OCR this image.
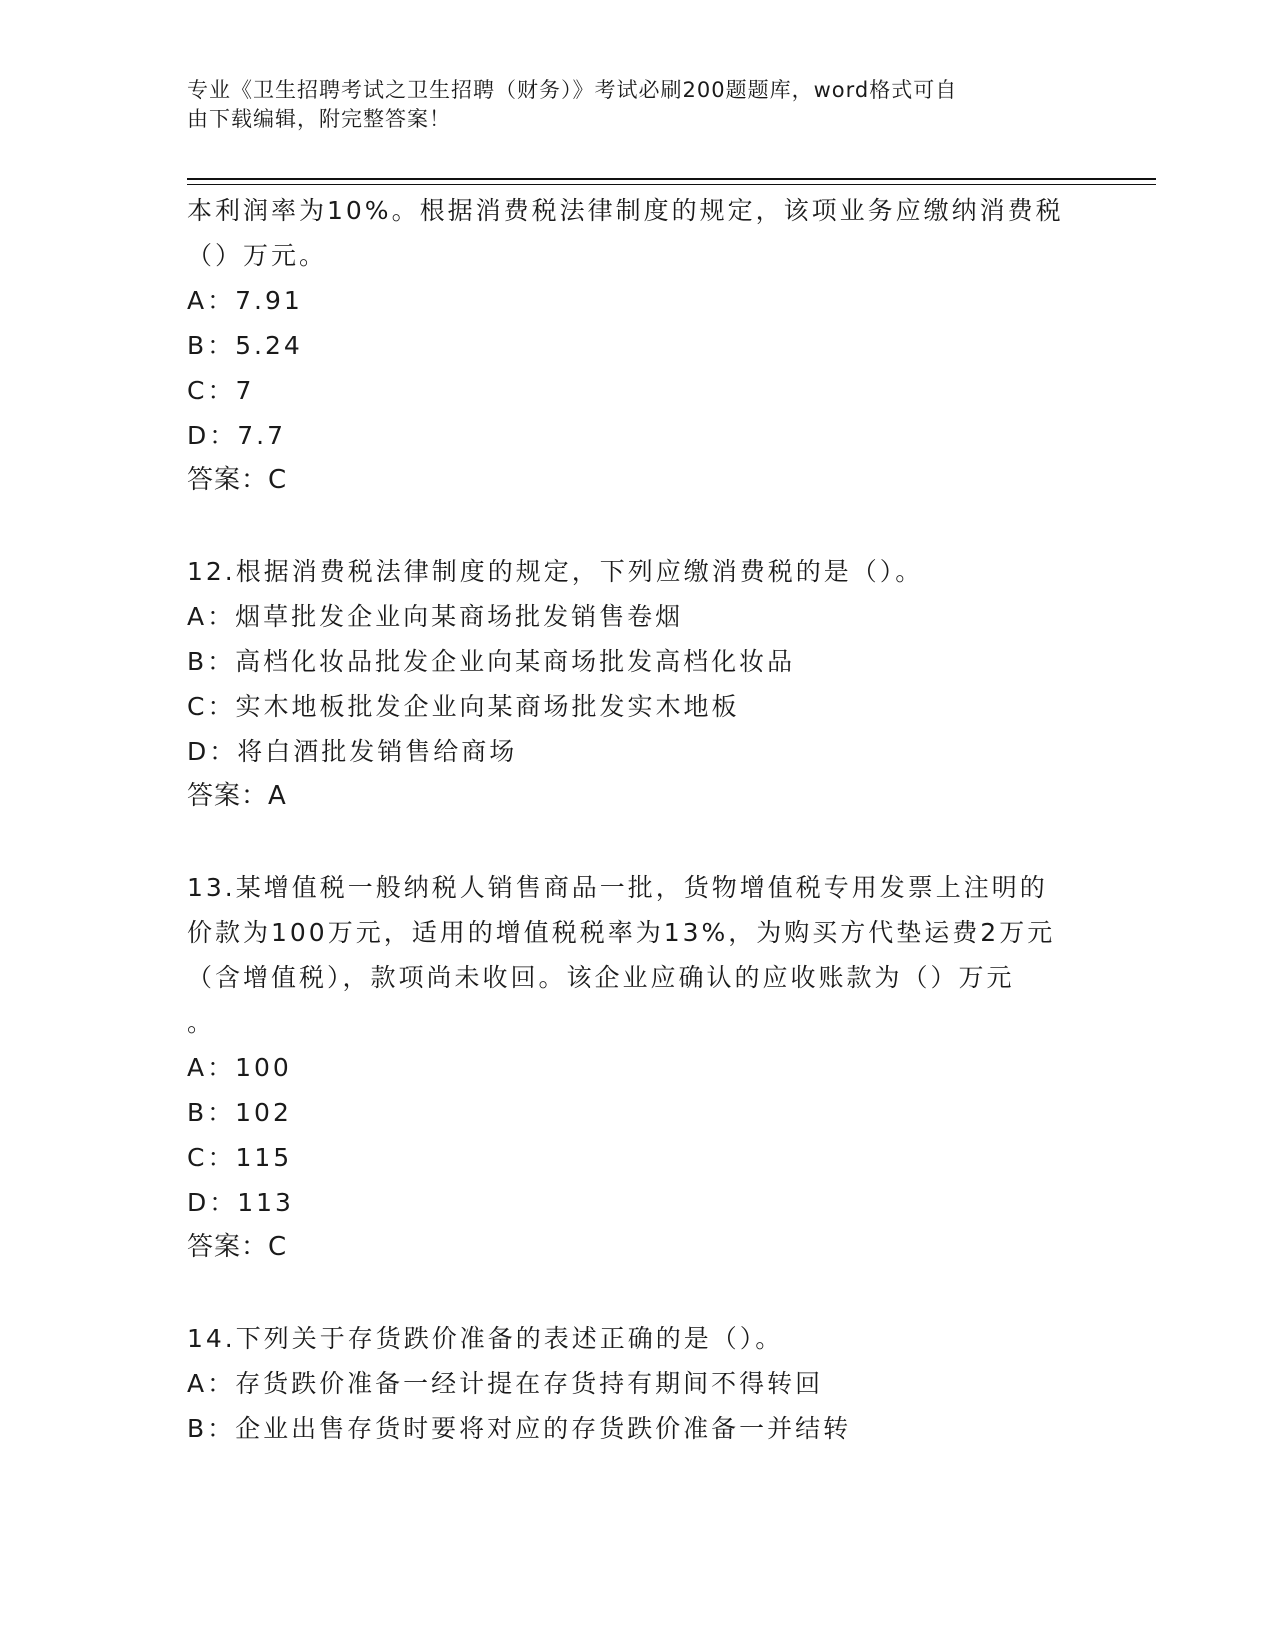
专业《卫生招聘考试之卫生招聘（财务）》考试必刷200题题库，word格式可自
由下载编辑，附完整答案！
本利润率为10%。根据消费税法律制度的规定，该项业务应缴纳消费税
（）万元。
A：7.91
B：5.24
C：7
D：7.7
答案：C
12.根据消费税法律制度的规定，下列应缴消费税的是（）。
A：烟草批发企业向某商场批发销售卷烟
B：高档化妆品批发企业向某商场批发高档化妆品
C：实木地板批发企业向某商场批发实木地板
D：将白酒批发销售给商场
答案：A
13.某增值税一般纳税人销售商品一批，货物增值税专用发票上注明的
价款为100万元，适用的增值税税率为13%，为购买方代垫运费2万元
（含增值税），款项尚未收回。该企业应确认的应收账款为（）万元
。
A：100
B：102
C：115
D：113
答案：C
14.下列关于存货跌价准备的表述正确的是（）。
A：存货跌价准备一经计提在存货持有期间不得转回
B：企业出售存货时要将对应的存货跌价准备一并结转
